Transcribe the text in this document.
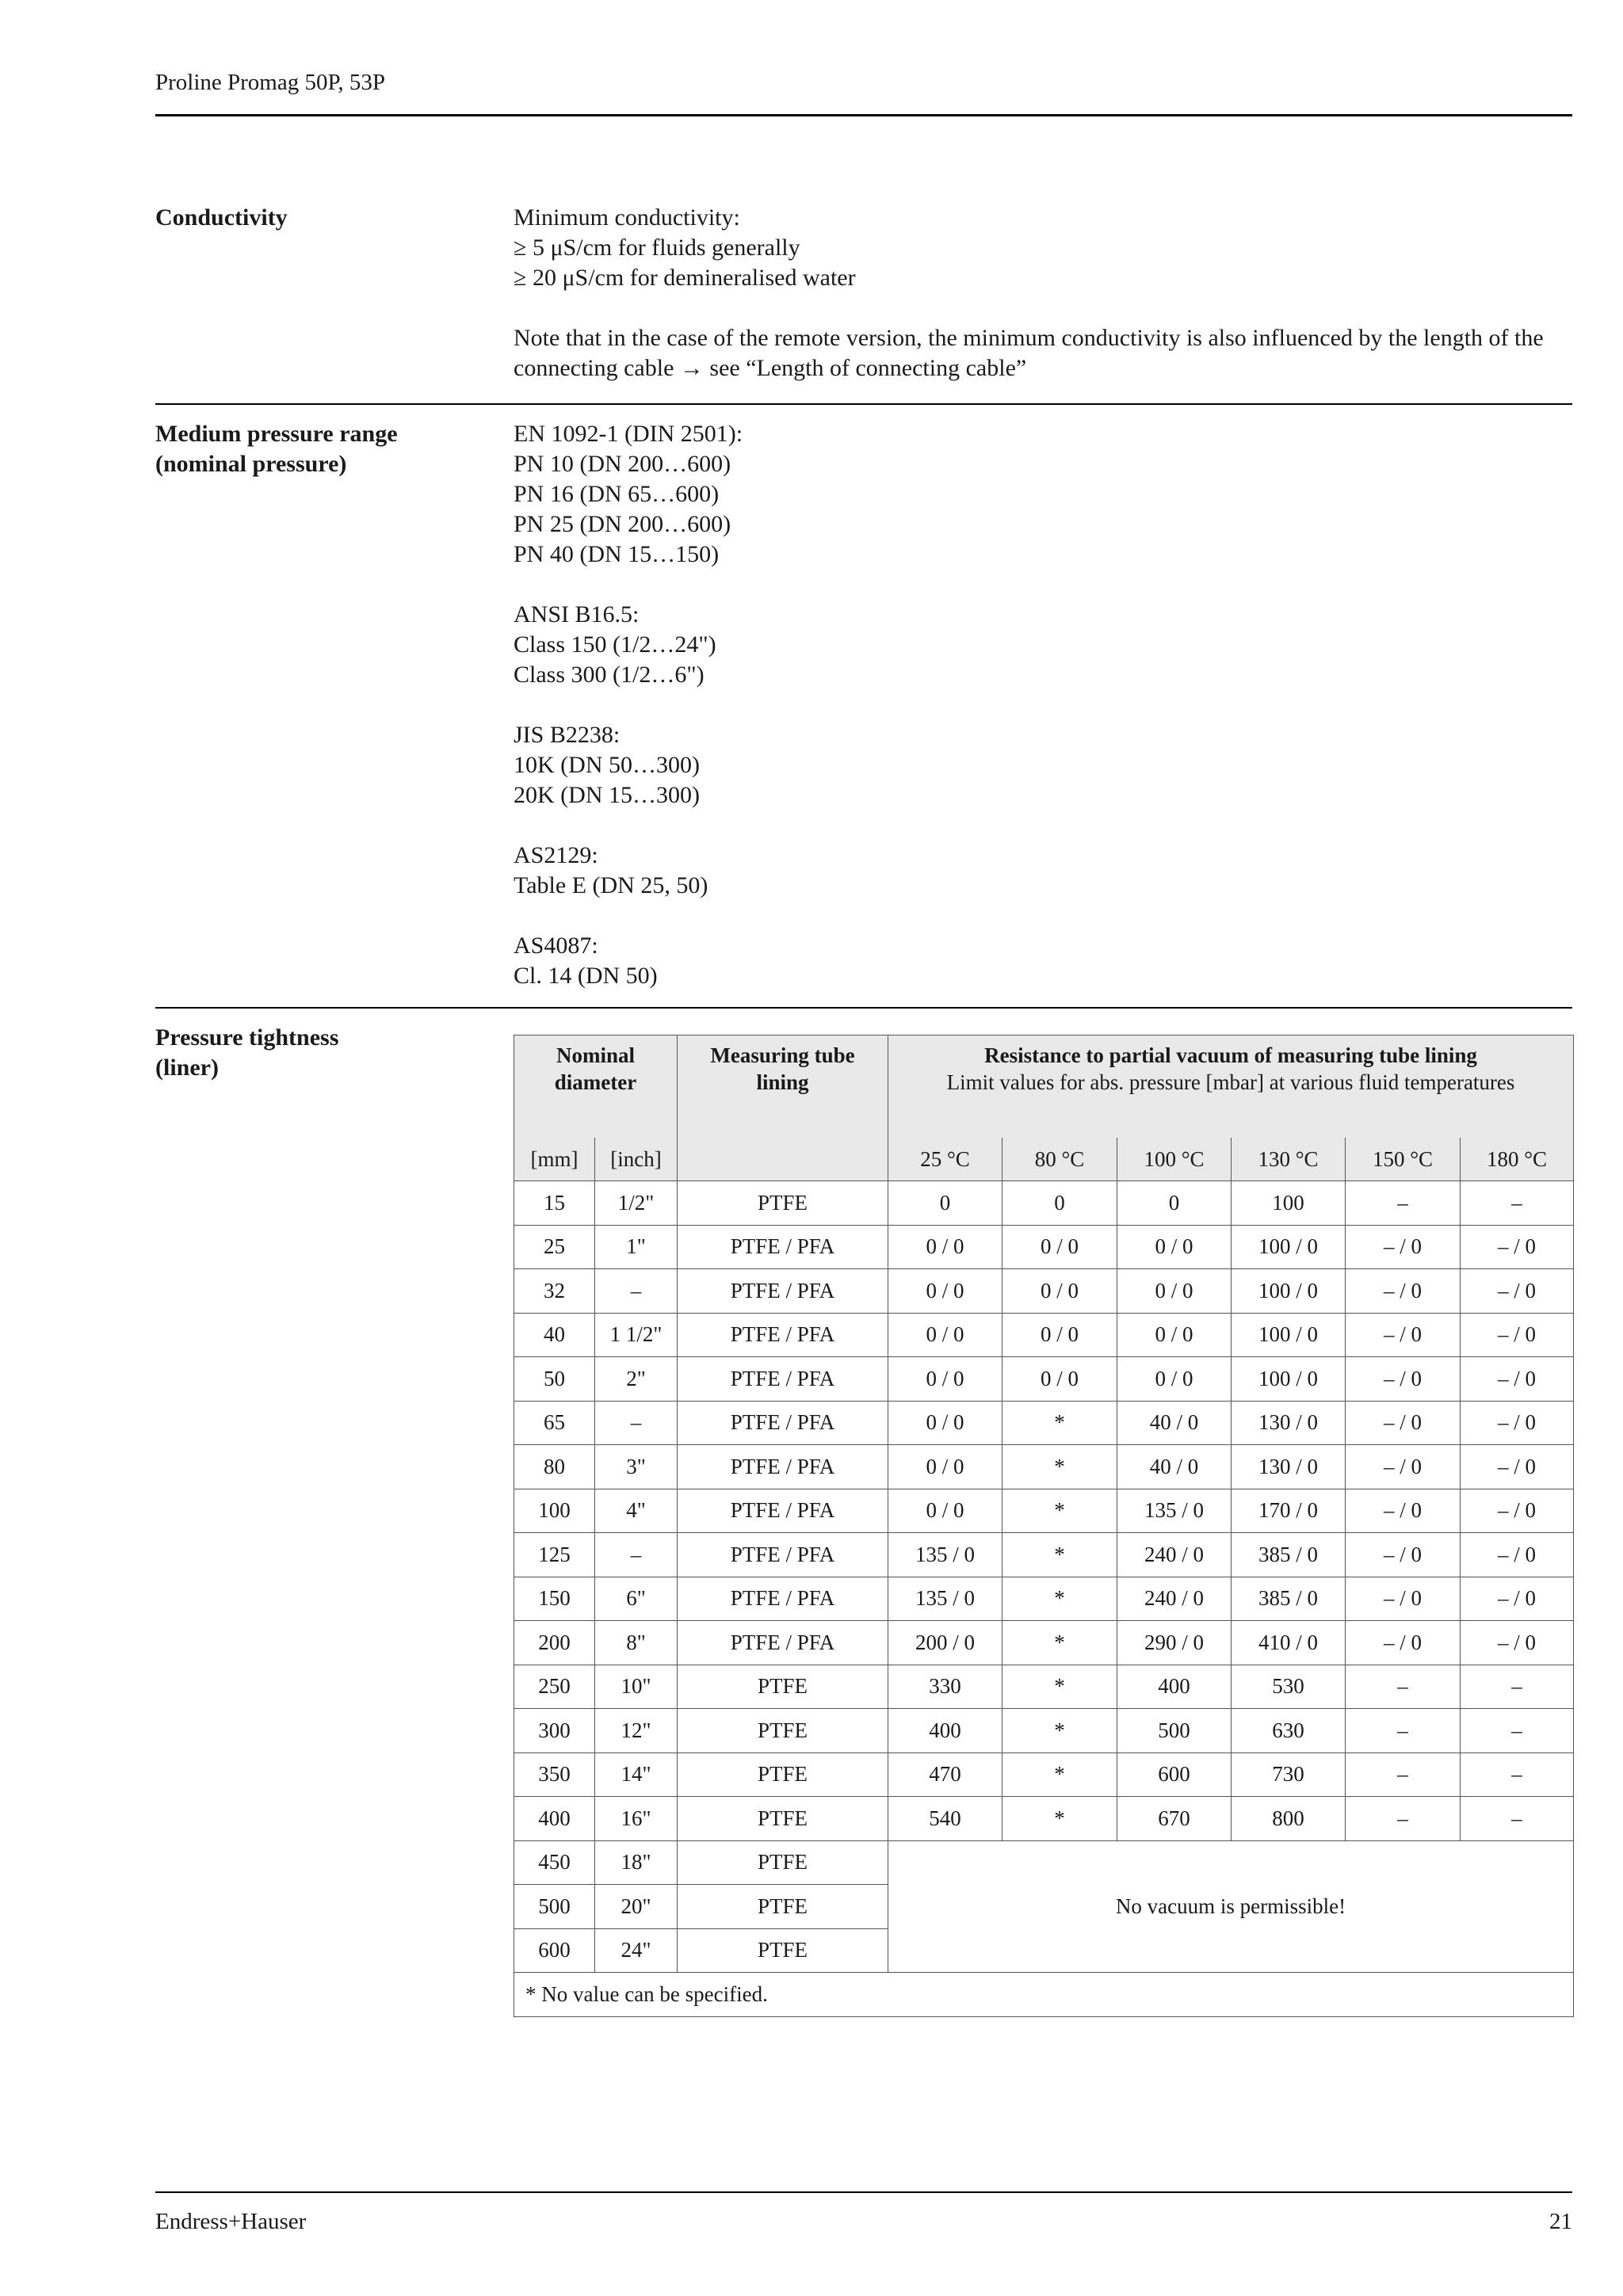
Proline Promag 50P, 53P
Conductivity	Minimum conductivity:
≥ 5 μS/cm for fluids generally
≥ 20 μS/cm for demineralised water

Note that in the case of the remote version, the minimum conductivity is also influenced by the length of the connecting cable → see “Length of connecting cable”

Medium pressure range
(nominal pressure)

EN 1092-1 (DIN 2501):
PN 10 (DN 200…600)
PN 16 (DN 65…600)
PN 25 (DN 200…600)
PN 40 (DN 15…150)

ANSI B16.5:
Class 150 (1/2…24")
Class 300 (1/2…6")

JIS B2238:
10K (DN 50…300)
20K (DN 15…300)

AS2129:
Table E (DN 25, 50)

AS4087:
Cl. 14 (DN 50)

Pressure tightness
(liner)	Nominal
diameter		Measuring tube
lining	Resistance to partial vacuum of measuring tube lining
Limit values for abs. pressure [mbar] at various fluid temperatures					

[mm]	[inch]		25 °C	80 °C	100 °C	130 °C	150 °C	180 °C
15	1/2"	PTFE	0	0	0	100	–	–
25	1"	PTFE / PFA	0 / 0	0 / 0	0 / 0	100 / 0	– / 0	– / 0
32	–	PTFE / PFA	0 / 0	0 / 0	0 / 0	100 / 0	– / 0	– / 0
40	1 1/2"	PTFE / PFA	0 / 0	0 / 0	0 / 0	100 / 0	– / 0	– / 0
50	2"	PTFE / PFA	0 / 0	0 / 0	0 / 0	100 / 0	– / 0	– / 0
65	–	PTFE / PFA	0 / 0	*	40 / 0	130 / 0	– / 0	– / 0
80	3"	PTFE / PFA	0 / 0	*	40 / 0	130 / 0	– / 0	– / 0
100	4"	PTFE / PFA	0 / 0	*	135 / 0	170 / 0	– / 0	– / 0
125	–	PTFE / PFA	135 / 0	*	240 / 0	385 / 0	– / 0	– / 0
150	6"	PTFE / PFA	135 / 0	*	240 / 0	385 / 0	– / 0	– / 0
200	8"	PTFE / PFA	200 / 0	*	290 / 0	410 / 0	– / 0	– / 0
250	10"	PTFE	330	*	400	530	–	–
300	12"	PTFE	400	*	500	630	–	–
350	14"	PTFE	470	*	600	730	–	–
400	16"	PTFE	540	*	670	800	–	–
450	18"	PTFE	No vacuum is permissible!					
500	20"	PTFE						
600	24"	PTFE						
* No value can be specified.								
Endress+Hauser	21
